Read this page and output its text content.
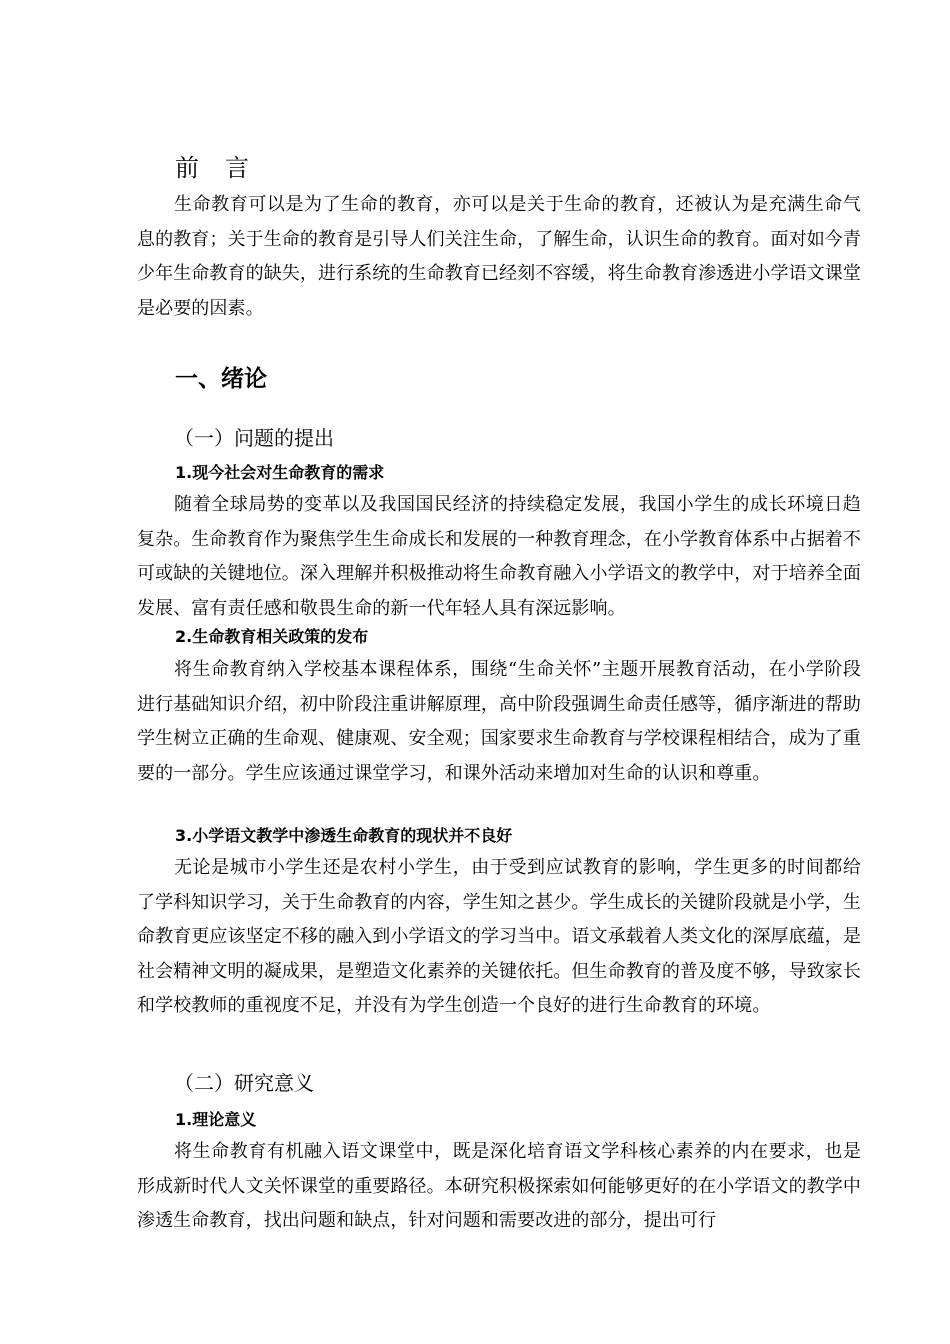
前言

生命教育可以是为了生命的教育，亦可以是关于生命的教育，还被认为是充满生命气息的教育；关于生命的教育是引导人们关注生命，了解生命，认识生命的教育。面对如今青少年生命教育的缺失，进行系统的生命教育已经刻不容缓，将生命教育渗透进小学语文课堂是必要的因素。

一、绪论
（一）问题的提出
1.现今社会对生命教育的需求

随着全球局势的变革以及我国国民经济的持续稳定发展，我国小学生的成长环境日趋复杂。生命教育作为聚焦学生生命成长和发展的一种教育理念，在小学教育体系中占据着不可或缺的关键地位。深入理解并积极推动将生命教育融入小学语文的教学中，对于培养全面发展、富有责任感和敬畏生命的新一代年轻人具有深远影响。

2.生命教育相关政策的发布

将生命教育纳入学校基本课程体系，围绕“生命关怀”主题开展教育活动，在小学阶段进行基础知识介绍，初中阶段注重讲解原理，高中阶段强调生命责任感等，循序渐进的帮助学生树立正确的生命观、健康观、安全观；国家要求生命教育与学校课程相结合，成为了重要的一部分。学生应该通过课堂学习，和课外活动来增加对生命的认识和尊重。

3.小学语文教学中渗透生命教育的现状并不良好

无论是城市小学生还是农村小学生，由于受到应试教育的影响，学生更多的时间都给了学科知识学习，关于生命教育的内容，学生知之甚少。学生成长的关键阶段就是小学，生命教育更应该坚定不移的融入到小学语文的学习当中。语文承载着人类文化的深厚底蕴，是社会精神文明的凝成果，是塑造文化素养的关键依托。但生命教育的普及度不够，导致家长和学校教师的重视度不足，并没有为学生创造一个良好的进行生命教育的环境。

（二）研究意义
1.理论意义

将生命教育有机融入语文课堂中，既是深化培育语文学科核心素养的内在要求，也是形成新时代人文关怀课堂的重要路径。本研究积极探索如何能够更好的在小学语文的教学中渗透生命教育，找出问题和缺点，针对问题和需要改进的部分，提出可行
